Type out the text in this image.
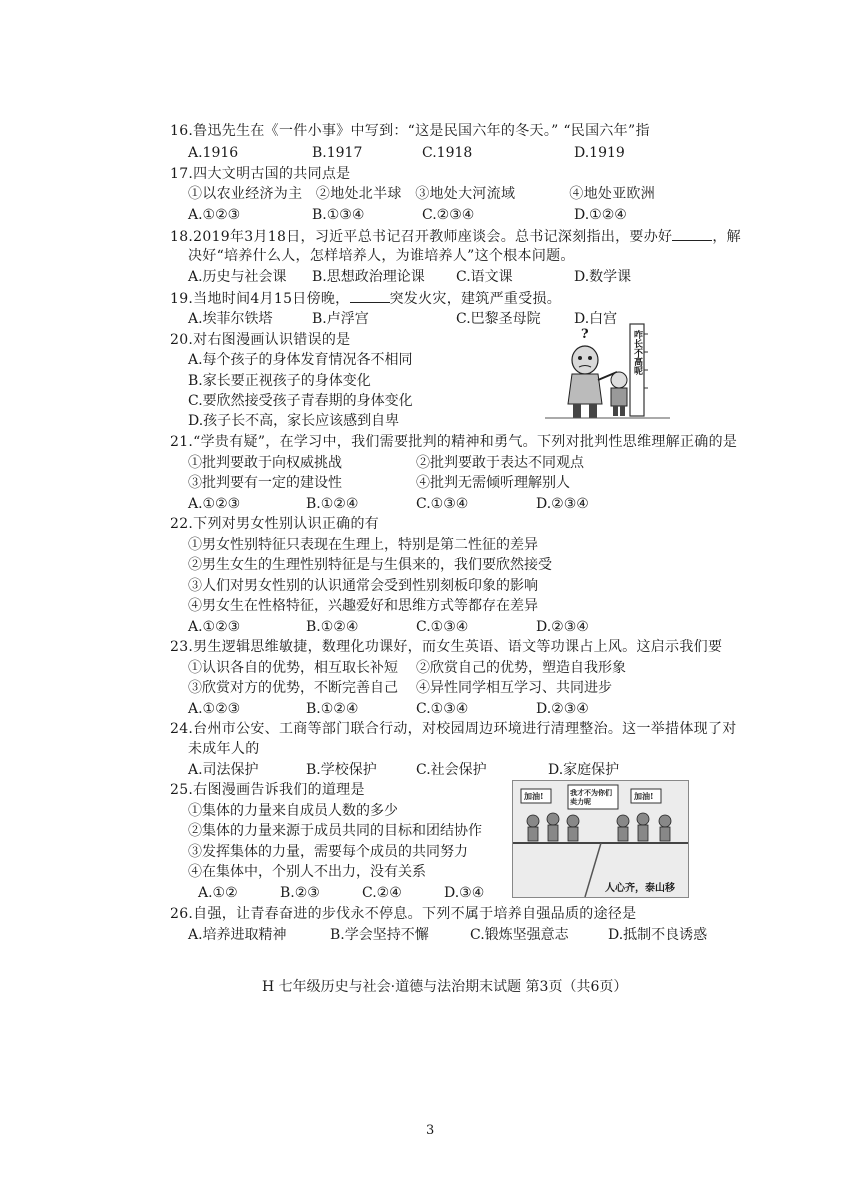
16.鲁迅先生在《一件小事》中写到：“这是民国六年的冬天。” “民国六年”指
A.1916	B.1917	C.1918	D.1919
17.四大文明古国的共同点是
①以农业经济为主  ②地处北半球  ③地处大河流域        ④地处亚欧洲
A.①②③	B.①③④	C.②③④	D.①②④
18.2019年3月18日，习近平总书记召开教师座谈会。总书记深刻指出，要办好	，解
决好“培养什么人，怎样培养人，为谁培养人”这个根本问题。
A.历史与社会课 B.思想政治理论课 C.语文课	D.数学课
19.当地时间4月15日傍晚，	突发火灾，建筑严重受损。
A.埃菲尔铁塔	B.卢浮宫	C.巴黎圣母院 D.白宫
20.对右图漫画认识错误的是
A.每个孩子的身体发育情况各不相同
B.家长要正视孩子的身体变化
C.要欣然接受孩子青春期的身体变化
D.孩子长不高，家长应该感到自卑
咋长不高呢
?
21.“学贵有疑”，在学习中，我们需要批判的精神和勇气。下列对批判性思维理解正确的是
①批判要敢于向权威挑战	②批判要敢于表达不同观点
③批判要有一定的建设性	④批判无需倾听理解别人
A.①②③	B.①②④	C.①③④	D.②③④
22.下列对男女性别认识正确的有
①男女性别特征只表现在生理上，特别是第二性征的差异
②男生女生的生理性别特征是与生俱来的，我们要欣然接受
③人们对男女性别的认识通常会受到性别刻板印象的影响
④男女生在性格特征，兴趣爱好和思维方式等都存在差异
A.①②③	B.①②④	C.①③④	D.②③④
23.男生逻辑思维敏捷，数理化功课好，而女生英语、语文等功课占上风。这启示我们要
①认识各自的优势，相互取长补短 ②欣赏自己的优势，塑造自我形象
③欣赏对方的优势，不断完善自己 ④异性同学相互学习、共同进步
A.①②③	B.①②④	C.①③④	D.②③④
24.台州市公安、工商等部门联合行动，对校园周边环境进行清理整治。这一举措体现了对
未成年人的
A.司法保护	B.学校保护	C.社会保护	D.家庭保护
25.右图漫画告诉我们的道理是
①集体的力量来自成员人数的多少
②集体的力量来源于成员共同的目标和团结协作
③发挥集体的力量，需要每个成员的共同努力
④在集体中，个别人不出力，没有关系
A.①②	B.②③	C.②④	D.③④
加油!	我才不为你们卖力呢
加油!
人心齐，泰山移
26.自强，让青春奋进的步伐永不停息。下列不属于培养自强品质的途径是
A.培养进取精神	B.学会坚持不懈	C.锻炼坚强意志	D.抵制不良诱惑
H 七年级历史与社会·道德与法治期末试题 第3页（共6页）
3
